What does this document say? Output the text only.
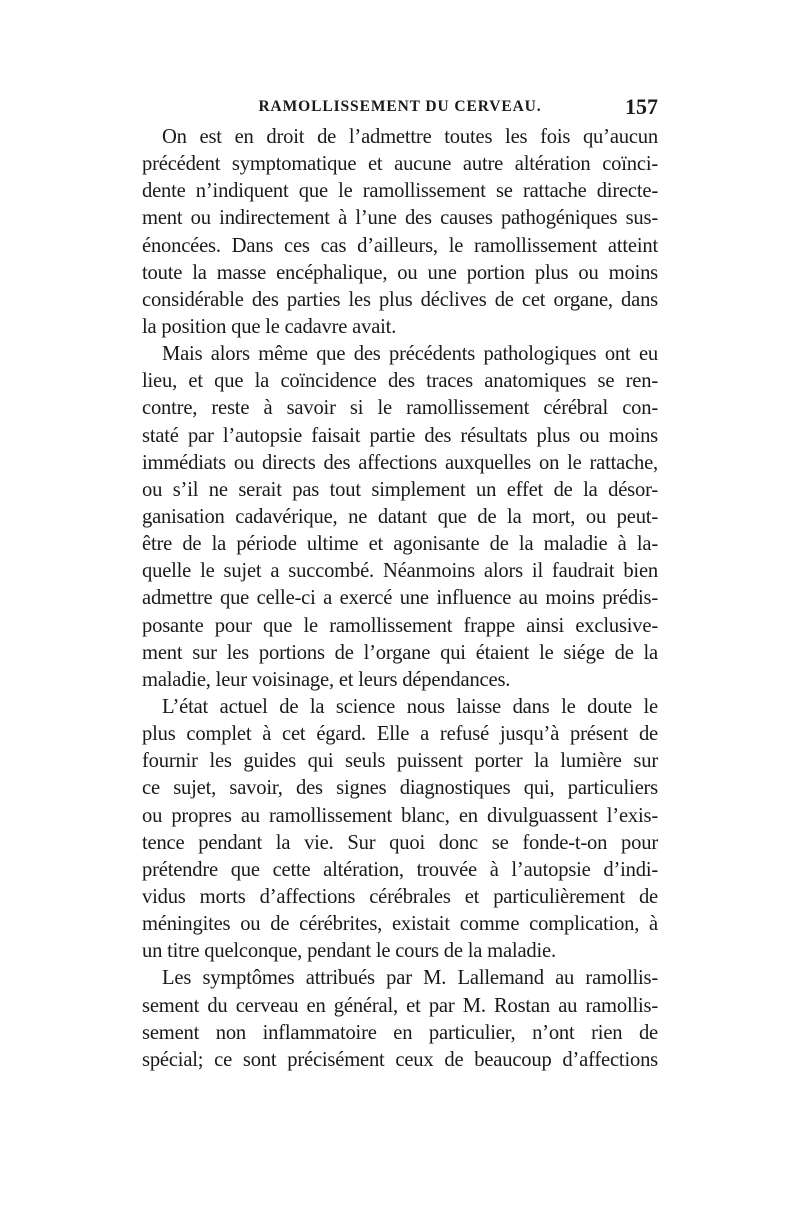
RAMOLLISSEMENT DU CERVEAU.	157
On est en droit de l’admettre toutes les fois qu’aucun
précédent symptomatique et aucune autre altération coïnci-
dente n’indiquent que le ramollissement se rattache directe-
ment ou indirectement à l’une des causes pathogéniques sus-
énoncées. Dans ces cas d’ailleurs, le ramollissement atteint
toute la masse encéphalique, ou une portion plus ou moins
considérable des parties les plus déclives de cet organe, dans
la position que le cadavre avait.
Mais alors même que des précédents pathologiques ont eu
lieu, et que la coïncidence des traces anatomiques se ren-
contre, reste à savoir si le ramollissement cérébral con-
staté par l’autopsie faisait partie des résultats plus ou moins
immédiats ou directs des affections auxquelles on le rattache,
ou s’il ne serait pas tout simplement un effet de la désor-
ganisation cadavérique, ne datant que de la mort, ou peut-
être de la période ultime et agonisante de la maladie à la-
quelle le sujet a succombé. Néanmoins alors il faudrait bien
admettre que celle-ci a exercé une influence au moins prédis-
posante pour que le ramollissement frappe ainsi exclusive-
ment sur les portions de l’organe qui étaient le siége de la
maladie, leur voisinage, et leurs dépendances.
L’état actuel de la science nous laisse dans le doute le
plus complet à cet égard. Elle a refusé jusqu’à présent de
fournir les guides qui seuls puissent porter la lumière sur
ce sujet, savoir, des signes diagnostiques qui, particuliers
ou propres au ramollissement blanc, en divulguassent l’exis-
tence pendant la vie. Sur quoi donc se fonde-t-on pour
prétendre que cette altération, trouvée à l’autopsie d’indi-
vidus morts d’affections cérébrales et particulièrement de
méningites ou de cérébrites, existait comme complication, à
un titre quelconque, pendant le cours de la maladie.
Les symptômes attribués par M. Lallemand au ramollis-
sement du cerveau en général, et par M. Rostan au ramollis-
sement non inflammatoire en particulier, n’ont rien de
spécial; ce sont précisément ceux de beaucoup d’affections
